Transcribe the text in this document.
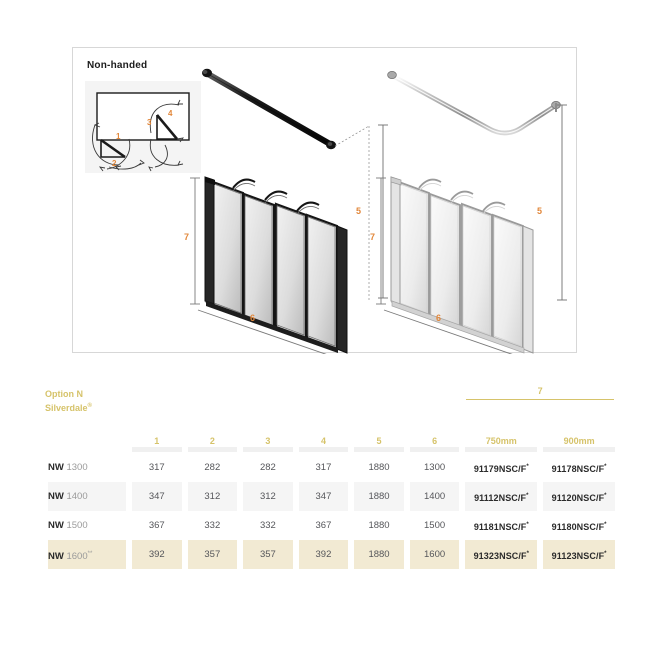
Non-handed
1
2
3
4
7
6
5
7
6
5
Option N
Silverdale®	1	2	3	4	5	6	7	

							750mm	900mm

NW 1300	317	282	282	317	1880	1300	91179NSC/F*	91178NSC/F*

NW 1400	347	312	312	347	1880	1400	91112NSC/F*	91120NSC/F*

NW 1500	367	332	332	367	1880	1500	91181NSC/F*	91180NSC/F*

NW 1600**	392	357	357	392	1880	1600	91323NSC/F*	91123NSC/F*
